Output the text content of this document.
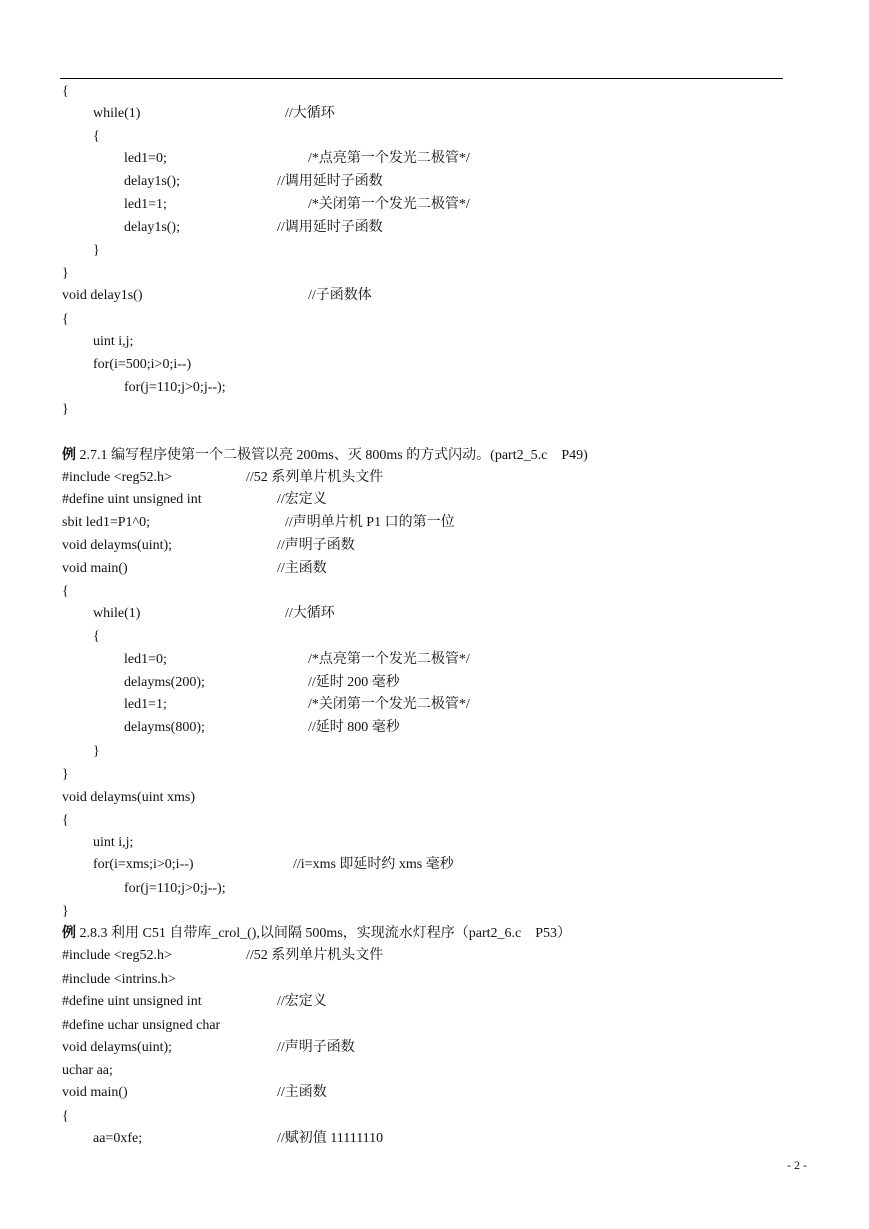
{
while(1)	//大循环
{
led1=0;	/*点亮第一个发光二极管*/
delay1s();	//调用延时子函数
led1=1;	/*关闭第一个发光二极管*/
delay1s();	//调用延时子函数
}
}
void delay1s()	//子函数体
{
uint i,j;
for(i=500;i>0;i--)
for(j=110;j>0;j--);
}
例 2.7.1 编写程序使第一个二极管以亮 200ms、灭 800ms 的方式闪动。(part2_5.c    P49)
#include <reg52.h>	//52 系列单片机头文件
#define uint unsigned int	//宏定义
sbit led1=P1^0;	//声明单片机 P1 口的第一位
void delayms(uint);	//声明子函数
void main()	//主函数
{
while(1)	//大循环
{
led1=0;	/*点亮第一个发光二极管*/
delayms(200);	//延时 200 毫秒
led1=1;	/*关闭第一个发光二极管*/
delayms(800);	//延时 800 毫秒
}
}
void delayms(uint xms)
{
uint i,j;
for(i=xms;i>0;i--)	//i=xms 即延时约 xms 毫秒
for(j=110;j>0;j--);
}
例 2.8.3 利用 C51 自带库_crol_(),以间隔 500ms，实现流水灯程序（part2_6.c    P53）
#include <reg52.h>	//52 系列单片机头文件
#include <intrins.h>
#define uint unsigned int	//宏定义
#define uchar unsigned char
void delayms(uint);	//声明子函数
uchar aa;
void main()	//主函数
{
aa=0xfe;	//赋初值 11111110
- 2 -
